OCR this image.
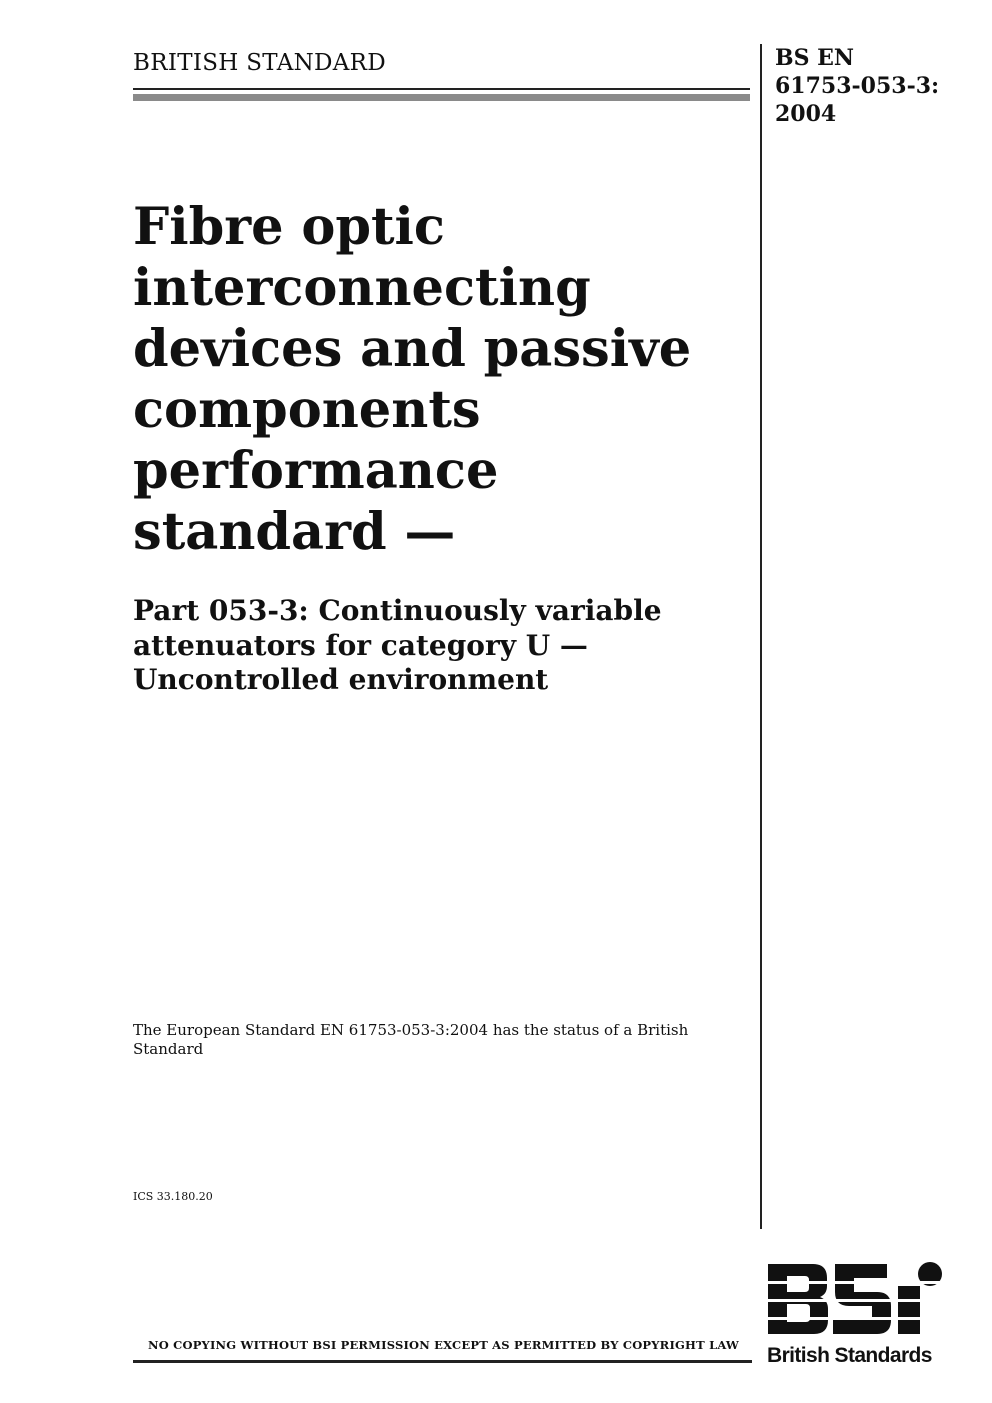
BRITISH STANDARD	BS EN
61753-053-3:
2004
Fibre optic
interconnecting
devices and passive
components
performance
standard —
Part 053-3: Continuously variable
attenuators for category U —
Uncontrolled environment
The European Standard EN 61753-053-3:2004 has the status of a British Standard
ICS 33.180.20
NO COPYING WITHOUT BSI PERMISSION EXCEPT AS PERMITTED BY COPYRIGHT LAW British Standards
